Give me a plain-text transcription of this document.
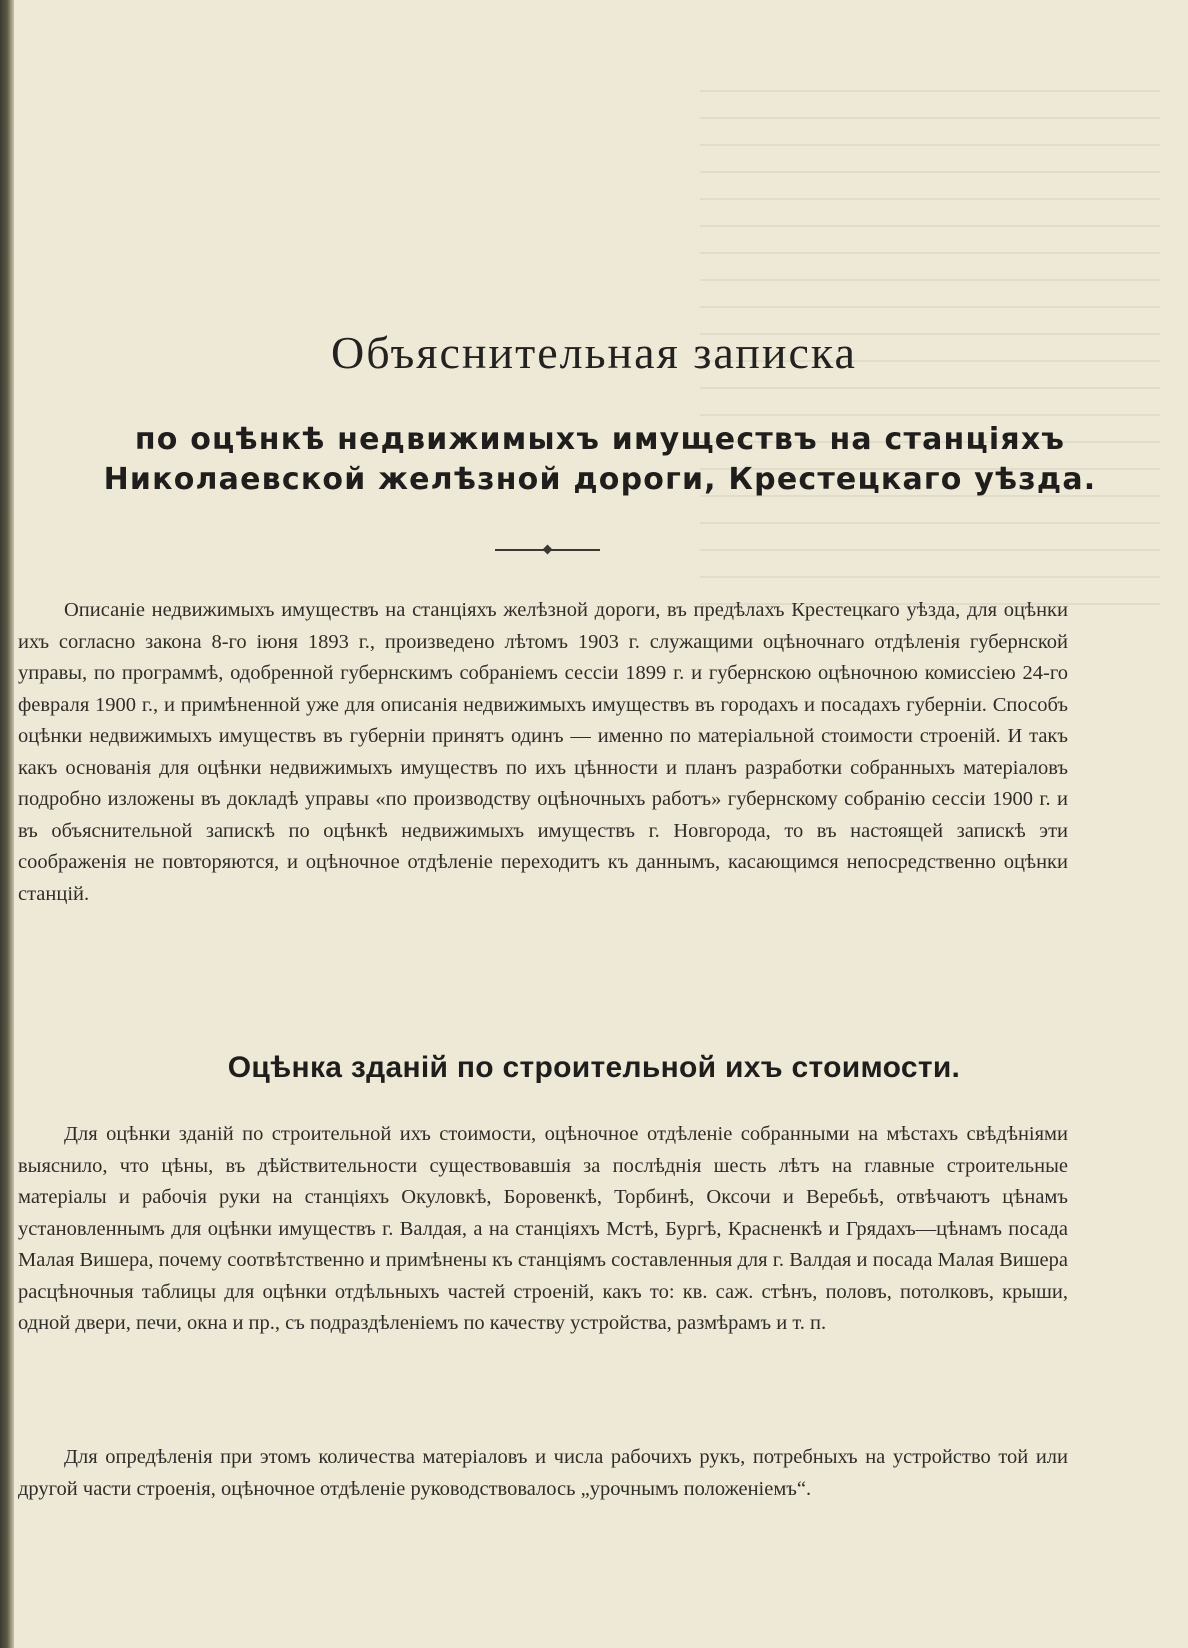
Объяснительная записка
по оцѣнкѣ недвижимыхъ имуществъ на станціяхъ Николаевской желѣзной дороги, Крестецкаго уѣзда.

Описаніе недвижимыхъ имуществъ на станціяхъ желѣзной дороги, въ предѣлахъ Крестецкаго уѣзда, для оцѣнки ихъ согласно закона 8-го іюня 1893 г., произведено лѣтомъ 1903 г. служащими оцѣночнаго отдѣленія губернской управы, по программѣ, одобренной губернскимъ собраніемъ сессіи 1899 г. и губернскою оцѣночною комиссіею 24-го февраля 1900 г., и примѣненной уже для описанія недвижимыхъ имуществъ въ городахъ и посадахъ губерніи. Способъ оцѣнки недвижимыхъ имуществъ въ губерніи принятъ одинъ — именно по матеріальной стоимости строеній. И такъ какъ основанія для оцѣнки недвижимыхъ имуществъ по ихъ цѣнности и планъ разработки собранныхъ матеріаловъ подробно изложены въ докладѣ управы «по производству оцѣночныхъ работъ» губернскому собранію сессіи 1900 г. и въ объяснительной запискѣ по оцѣнкѣ недвижимыхъ имуществъ г. Новгорода, то въ настоящей запискѣ эти соображенія не повторяются, и оцѣночное отдѣленіе переходитъ къ даннымъ, касающимся непосредственно оцѣнки станцій.

Оцѣнка зданій по строительной ихъ стоимости.

Для оцѣнки зданій по строительной ихъ стоимости, оцѣночное отдѣленіе собранными на мѣстахъ свѣдѣніями выяснило, что цѣны, въ дѣйствительности существовавшія за послѣднія шесть лѣтъ на главные строительные матеріалы и рабочія руки на станціяхъ Окуловкѣ, Боровенкѣ, Торбинѣ, Оксочи и Веребьѣ, отвѣчаютъ цѣнамъ установленнымъ для оцѣнки имуществъ г. Валдая, а на станціяхъ Мстѣ, Бургѣ, Красненкѣ и Грядахъ—цѣнамъ посада Малая Вишера, почему соотвѣтственно и примѣнены къ станціямъ составленныя для г. Валдая и посада Малая Вишера расцѣночныя таблицы для оцѣнки отдѣльныхъ частей строеній, какъ то: кв. саж. стѣнъ, половъ, потолковъ, крыши, одной двери, печи, окна и пр., съ подраздѣленіемъ по качеству устройства, размѣрамъ и т. п.

Для опредѣленія при этомъ количества матеріаловъ и числа рабочихъ рукъ, потребныхъ на устройство той или другой части строенія, оцѣночное отдѣленіе руководствовалось „урочнымъ положеніемъ“.
